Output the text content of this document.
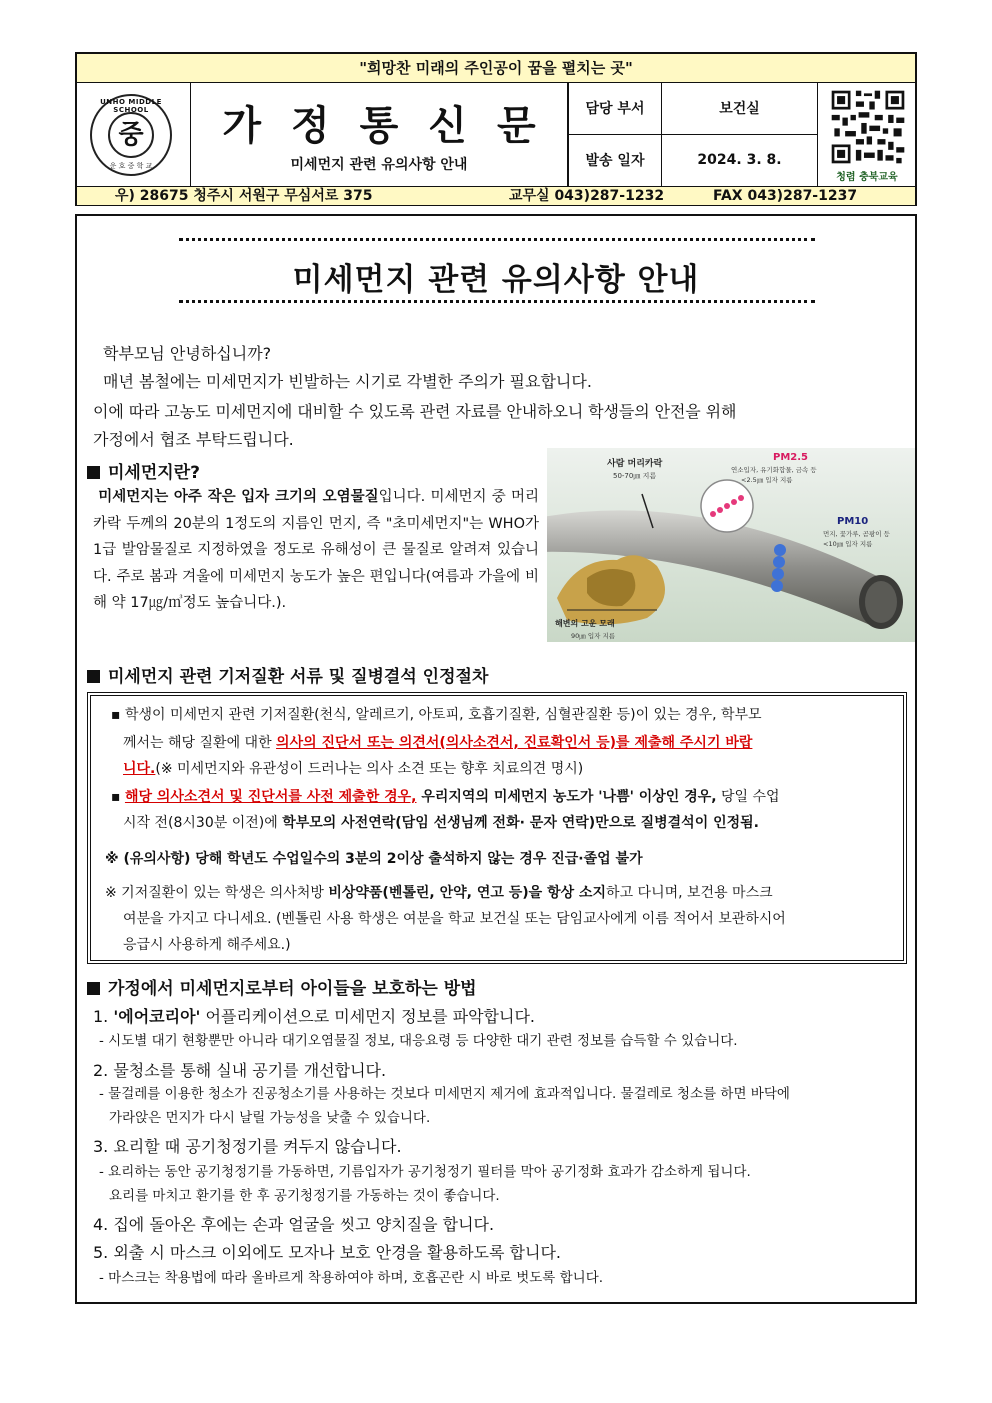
"희망찬 미래의 주인공이 꿈을 펼치는 곳"
UNHO MIDDLE SCHOOL
중
운 호 중 학 교
가정통신문
미세먼지 관련 유의사항 안내
담당 부서	보건실
발송 일자	2024. 3. 8.
청렴 충북교육
우) 28675 청주시 서원구 무심서로 375	교무실 043)287-1232	FAX 043)287-1237
미세먼지 관련 유의사항 안내

학부모님 안녕하십니까?

매년 봄철에는 미세먼지가 빈발하는 시기로 각별한 주의가 필요합니다.

이에 따라 고농도 미세먼지에 대비할 수 있도록 관련 자료를 안내하오니 학생들의 안전을 위해

가정에서 협조 부탁드립니다.

미세먼지란?
미세먼지는 아주 작은 입자 크기의 오염물질입니다. 미세먼지 중 머리카락 두께의 20분의 1정도의 지름인 먼지, 즉 "초미세먼지"는 WHO가 1급 발암물질로 지정하였을 정도로 유해성이 큰 물질로 알려져 있습니다. 주로 봄과 겨울에 미세먼지 농도가 높은 편입니다(여름과 가을에 비해 약 17㎍/㎥정도 높습니다.).
사람 머리카락
50-70㎛ 지름
PM2.5
연소입자, 유기화합물, 금속 등
<2.5㎛ 입자 지름
PM10
먼지, 꽃가루, 곰팡이 등
<10㎛ 입자 지름
해변의 고운 모래
90㎛ 입자 지름
미세먼지 관련 기저질환 서류 및 질병결석 인정절차

▪ 학생이 미세먼지 관련 기저질환(천식, 알레르기, 아토피, 호흡기질환, 심혈관질환 등)이 있는 경우, 학부모

께서는 해당 질환에 대한 의사의 진단서 또는 의견서(의사소견서, 진료확인서 등)를 제출해 주시기 바랍

니다.(※ 미세먼지와 유관성이 드러나는 의사 소견 또는 향후 치료의견 명시)

▪ 해당 의사소견서 및 진단서를 사전 제출한 경우, 우리지역의 미세먼지 농도가 '나쁨' 이상인 경우, 당일 수업

시작 전(8시30분 이전)에 학부모의 사전연락(담임 선생님께 전화· 문자 연락)만으로 질병결석이 인정됨.

※ (유의사항) 당해 학년도 수업일수의 3분의 2이상 출석하지 않는 경우 진급·졸업 불가

※ 기저질환이 있는 학생은 의사처방 비상약품(벤톨린, 안약, 연고 등)을 항상 소지하고 다니며, 보건용 마스크

여분을 가지고 다니세요. (벤톨린 사용 학생은 여분을 학교 보건실 또는 담임교사에게 이름 적어서 보관하시어

응급시 사용하게 해주세요.)

가정에서 미세먼지로부터 아이들을 보호하는 방법
1. '에어코리아' 어플리케이션으로 미세먼지 정보를 파악합니다.
- 시도별 대기 현황뿐만 아니라 대기오염물질 정보, 대응요령 등 다양한 대기 관련 정보를 습득할 수 있습니다.
2. 물청소를 통해 실내 공기를 개선합니다.
- 물걸레를 이용한 청소가 진공청소기를 사용하는 것보다 미세먼지 제거에 효과적입니다. 물걸레로 청소를 하면 바닥에
가라앉은 먼지가 다시 날릴 가능성을 낮출 수 있습니다.
3. 요리할 때 공기청정기를 켜두지 않습니다.
- 요리하는 동안 공기청정기를 가동하면, 기름입자가 공기청정기 필터를 막아 공기정화 효과가 감소하게 됩니다.
요리를 마치고 환기를 한 후 공기청정기를 가동하는 것이 좋습니다.
4. 집에 돌아온 후에는 손과 얼굴을 씻고 양치질을 합니다.
5. 외출 시 마스크 이외에도 모자나 보호 안경을 활용하도록 합니다.
- 마스크는 착용법에 따라 올바르게 착용하여야 하며, 호흡곤란 시 바로 벗도록 합니다.
